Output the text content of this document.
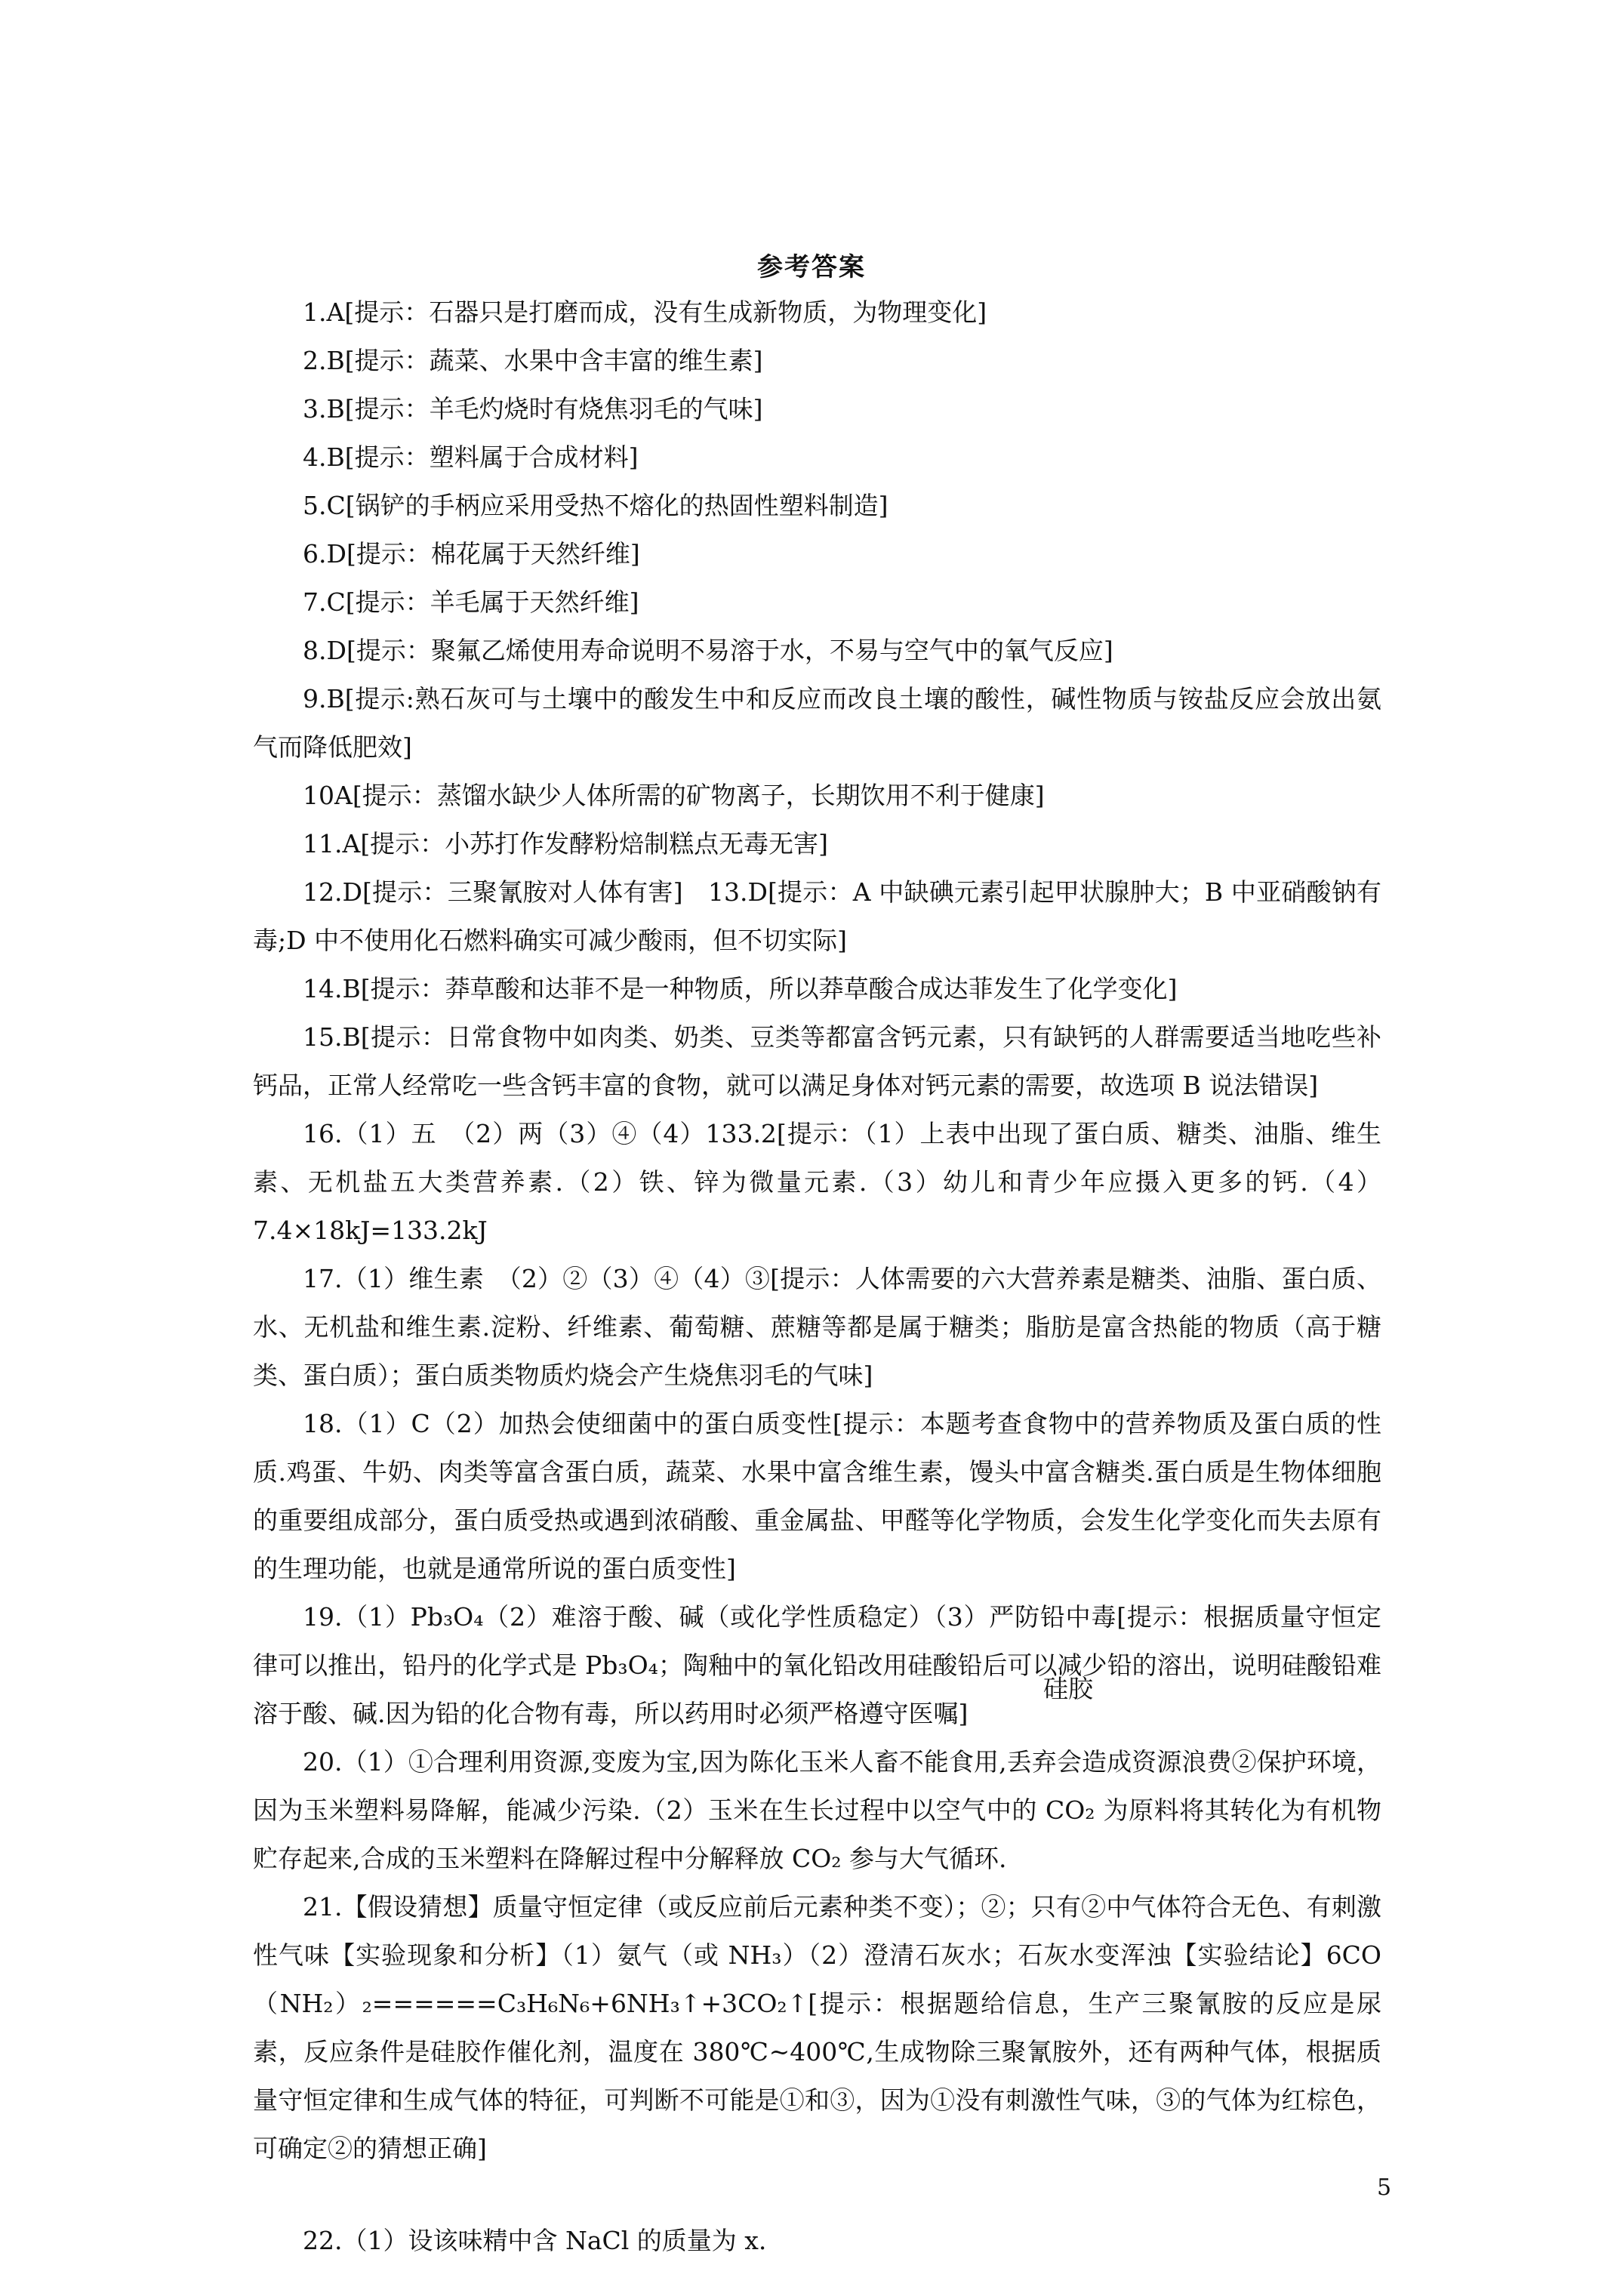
参考答案

1.A[提示：石器只是打磨而成，没有生成新物质，为物理变化]

2.B[提示：蔬菜、水果中含丰富的维生素]

3.B[提示：羊毛灼烧时有烧焦羽毛的气味]

4.B[提示：塑料属于合成材料]

5.C[锅铲的手柄应采用受热不熔化的热固性塑料制造]

6.D[提示：棉花属于天然纤维]

7.C[提示：羊毛属于天然纤维]

8.D[提示：聚氟乙烯使用寿命说明不易溶于水，不易与空气中的氧气反应]

9.B[提示:熟石灰可与土壤中的酸发生中和反应而改良土壤的酸性，碱性物质与铵盐反应会放出氨气而降低肥效]

10A[提示：蒸馏水缺少人体所需的矿物离子，长期饮用不利于健康]

11.A[提示：小苏打作发酵粉焙制糕点无毒无害]

12.D[提示：三聚氰胺对人体有害]　13.D[提示：A 中缺碘元素引起甲状腺肿大；B 中亚硝酸钠有毒;D 中不使用化石燃料确实可减少酸雨，但不切实际]

14.B[提示：莽草酸和达菲不是一种物质，所以莽草酸合成达菲发生了化学变化]

15.B[提示：日常食物中如肉类、奶类、豆类等都富含钙元素，只有缺钙的人群需要适当地吃些补钙品，正常人经常吃一些含钙丰富的食物，就可以满足身体对钙元素的需要，故选项 B 说法错误]

16.（1）五　（2）两（3）④（4）133.2[提示：（1）上表中出现了蛋白质、糖类、油脂、维生素、无机盐五大类营养素.（2）铁、锌为微量元素.（3）幼儿和青少年应摄入更多的钙.（4）7.4×18kJ=133.2kJ

17.（1）维生素　（2）②（3）④（4）③[提示：人体需要的六大营养素是糖类、油脂、蛋白质、水、无机盐和维生素.淀粉、纤维素、葡萄糖、蔗糖等都是属于糖类；脂肪是富含热能的物质（高于糖类、蛋白质）；蛋白质类物质灼烧会产生烧焦羽毛的气味]

18.（1）C（2）加热会使细菌中的蛋白质变性[提示：本题考查食物中的营养物质及蛋白质的性质.鸡蛋、牛奶、肉类等富含蛋白质，蔬菜、水果中富含维生素，馒头中富含糖类.蛋白质是生物体细胞的重要组成部分，蛋白质受热或遇到浓硝酸、重金属盐、甲醛等化学物质，会发生化学变化而失去原有的生理功能，也就是通常所说的蛋白质变性]

19.（1）Pb₃O₄（2）难溶于酸、碱（或化学性质稳定）（3）严防铅中毒[提示：根据质量守恒定律可以推出，铅丹的化学式是 Pb₃O₄；陶釉中的氧化铅改用硅酸铅后可以减少铅的溶出，说明硅酸铅难溶于酸、碱.因为铅的化合物有毒，所以药用时必须严格遵守医嘱]

20.（1）①合理利用资源,变废为宝,因为陈化玉米人畜不能食用,丢弃会造成资源浪费②保护环境，因为玉米塑料易降解，能减少污染.（2）玉米在生长过程中以空气中的 CO₂ 为原料将其转化为有机物贮存起来,合成的玉米塑料在降解过程中分解释放 CO₂ 参与大气循环.

21.【假设猜想】质量守恒定律（或反应前后元素种类不变）；②；只有②中气体符合无色、有刺激性气味【实验现象和分析】（1）氨气（或 NH₃）（2）澄清石灰水；石灰水变浑浊【实验结论】6CO（NH₂）₂======C₃H₆N₆+6NH₃↑+3CO₂↑[提示：根据题给信息，生产三聚氰胺的反应是尿素，反应条件是硅胶作催化剂，温度在 380℃~400℃,生成物除三聚氰胺外，还有两种气体，根据质量守恒定律和生成气体的特征，可判断不可能是①和③，因为①没有刺激性气味，③的气体为红棕色，可确定②的猜想正确]

22.（1）设该味精中含 NaCl 的质量为 x.

硅胶
5
